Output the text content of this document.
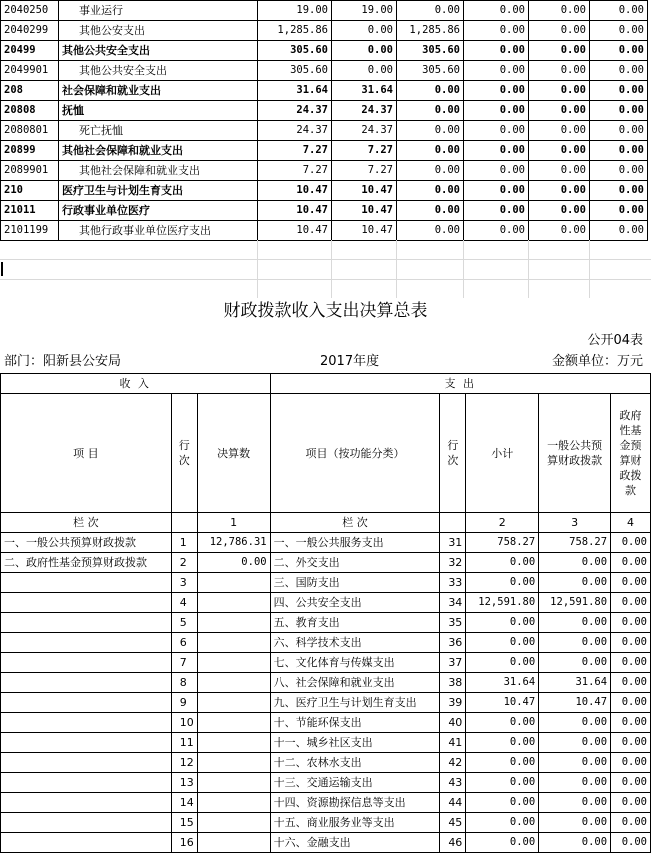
2040250	事业运行	19.00	19.00	0.00	0.00	0.00	0.00
2040299	其他公安支出	1,285.86	0.00	1,285.86	0.00	0.00	0.00
20499	其他公共安全支出	305.60	0.00	305.60	0.00	0.00	0.00
2049901	其他公共安全支出	305.60	0.00	305.60	0.00	0.00	0.00
208	社会保障和就业支出	31.64	31.64	0.00	0.00	0.00	0.00
20808	抚恤	24.37	24.37	0.00	0.00	0.00	0.00
2080801	死亡抚恤	24.37	24.37	0.00	0.00	0.00	0.00
20899	其他社会保障和就业支出	7.27	7.27	0.00	0.00	0.00	0.00
2089901	其他社会保障和就业支出	7.27	7.27	0.00	0.00	0.00	0.00
210	医疗卫生与计划生育支出	10.47	10.47	0.00	0.00	0.00	0.00
21011	行政事业单位医疗	10.47	10.47	0.00	0.00	0.00	0.00
2101199	其他行政事业单位医疗支出	10.47	10.47	0.00	0.00	0.00	0.00
财政拨款收入支出决算总表
公开04表
部门：阳新县公安局	2017年度	金额单位：万元
收 入			支 出				
项 目	行次	决算数	项目（按功能分类）	行次	小计	一般公共预算财政拨款	政府性基金预算财政拨款
栏 次		1	栏 次		2	3	4
一、一般公共预算财政拨款	1	12,786.31	一、一般公共服务支出	31	758.27	758.27	0.00
二、政府性基金预算财政拨款	2	0.00	二、外交支出	32	0.00	0.00	0.00
	3		三、国防支出	33	0.00	0.00	0.00
	4		四、公共安全支出	34	12,591.80	12,591.80	0.00
	5		五、教育支出	35	0.00	0.00	0.00
	6		六、科学技术支出	36	0.00	0.00	0.00
	7		七、文化体育与传媒支出	37	0.00	0.00	0.00
	8		八、社会保障和就业支出	38	31.64	31.64	0.00
	9		九、医疗卫生与计划生育支出	39	10.47	10.47	0.00
	10		十、节能环保支出	40	0.00	0.00	0.00
	11		十一、城乡社区支出	41	0.00	0.00	0.00
	12		十二、农林水支出	42	0.00	0.00	0.00
	13		十三、交通运输支出	43	0.00	0.00	0.00
	14		十四、资源勘探信息等支出	44	0.00	0.00	0.00
	15		十五、商业服务业等支出	45	0.00	0.00	0.00
	16		十六、金融支出	46	0.00	0.00	0.00
